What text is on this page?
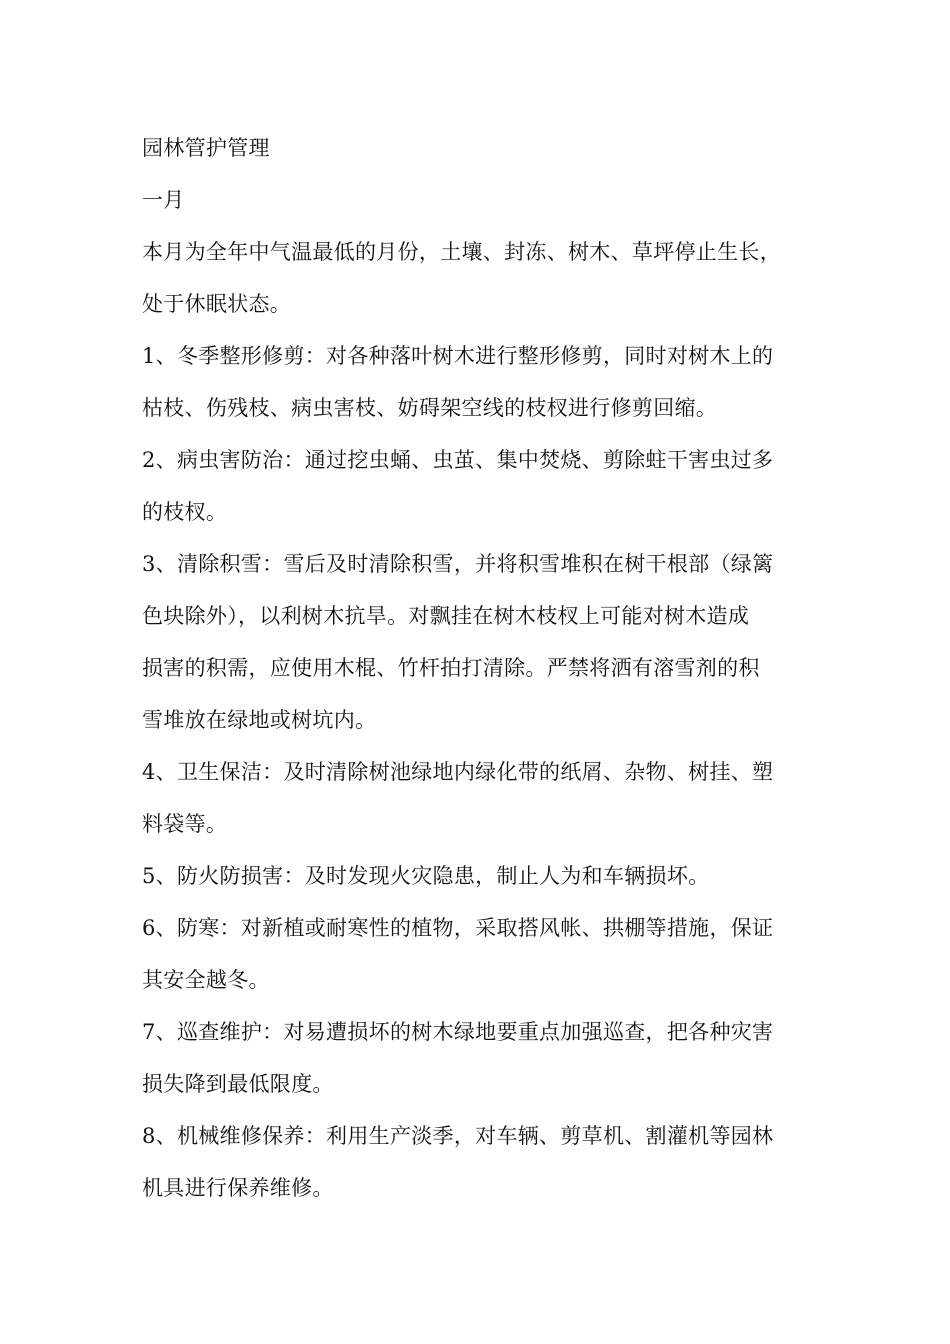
园林管护管理
一月
本月为全年中气温最低的月份，土壤、封冻、树木、草坪停止生长，
处于休眠状态。
1、冬季整形修剪：对各种落叶树木进行整形修剪，同时对树木上的
枯枝、伤残枝、病虫害枝、妨碍架空线的枝杈进行修剪回缩。
2、病虫害防治：通过挖虫蛹、虫茧、集中焚烧、剪除蛀干害虫过多
的枝杈。
3、清除积雪：雪后及时清除积雪，并将积雪堆积在树干根部（绿篱
色块除外），以利树木抗旱。对飘挂在树木枝杈上可能对树木造成
损害的积需，应使用木棍、竹杆拍打清除。严禁将洒有溶雪剂的积
雪堆放在绿地或树坑内。
4、卫生保洁：及时清除树池绿地内绿化带的纸屑、杂物、树挂、塑
料袋等。
5、防火防损害：及时发现火灾隐患，制止人为和车辆损坏。
6、防寒：对新植或耐寒性的植物，采取搭风帐、拱棚等措施，保证
其安全越冬。
7、巡查维护：对易遭损坏的树木绿地要重点加强巡查，把各种灾害
损失降到最低限度。
8、机械维修保养：利用生产淡季，对车辆、剪草机、割灌机等园林
机具进行保养维修。
